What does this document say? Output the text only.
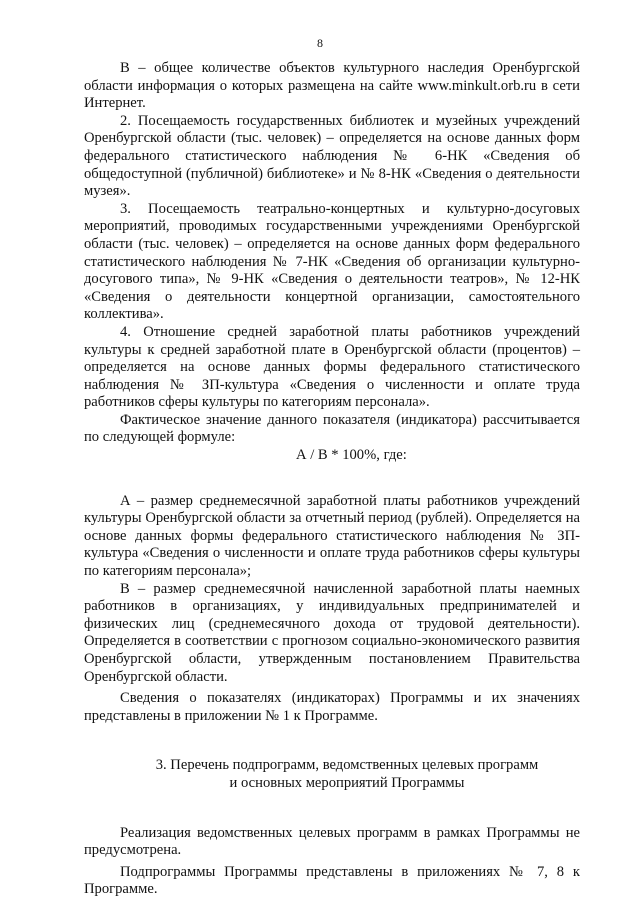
8

В – общее количестве объектов культурного наследия Оренбургской области информация о которых размещена на сайте www.minkult.orb.ru в сети Интернет.

2. Посещаемость государственных библиотек и музейных учреждений Оренбургской области (тыс. человек) – определяется на основе данных форм федерального статистического наблюдения № 6-НК «Сведения об общедоступной (публичной) библиотеке» и № 8-НК «Сведения о деятельности музея».

3. Посещаемость театрально-концертных и культурно-досуговых мероприятий, проводимых государственными учреждениями Оренбургской области (тыс. человек) – определяется на основе данных форм федерального статистического наблюдения № 7-НК «Сведения об организации культурно-досугового типа», № 9-НК «Сведения о деятельности театров», № 12-НК «Сведения о деятельности концертной организации, самостоятельного коллектива».

4. Отношение средней заработной платы работников учреждений культуры к средней заработной плате в Оренбургской области (процентов) – определяется на основе данных формы федерального статистического наблюдения № ЗП-культура «Сведения о численности и оплате труда работников сферы культуры по категориям персонала».

Фактическое значение данного показателя (индикатора) рассчитывается по следующей формуле:

А / В * 100%, где:

А – размер среднемесячной заработной платы работников учреждений культуры Оренбургской области за отчетный период (рублей). Определяется на основе данных формы федерального статистического наблюдения № ЗП-культура «Сведения о численности и оплате труда работников сферы культуры по категориям персонала»;

В – размер среднемесячной начисленной заработной платы наемных работников в организациях, у индивидуальных предпринимателей и физических лиц (среднемесячного дохода от трудовой деятельности). Определяется в соответствии с прогнозом социально-экономического развития Оренбургской области, утвержденным постановлением Правительства Оренбургской области.

Сведения о показателях (индикаторах) Программы и их значениях представлены в приложении № 1 к Программе.

3. Перечень подпрограмм, ведомственных целевых программ
и основных мероприятий Программы

Реализация ведомственных целевых программ в рамках Программы не предусмотрена.

Подпрограммы Программы представлены в приложениях № 7, 8 к Программе.
